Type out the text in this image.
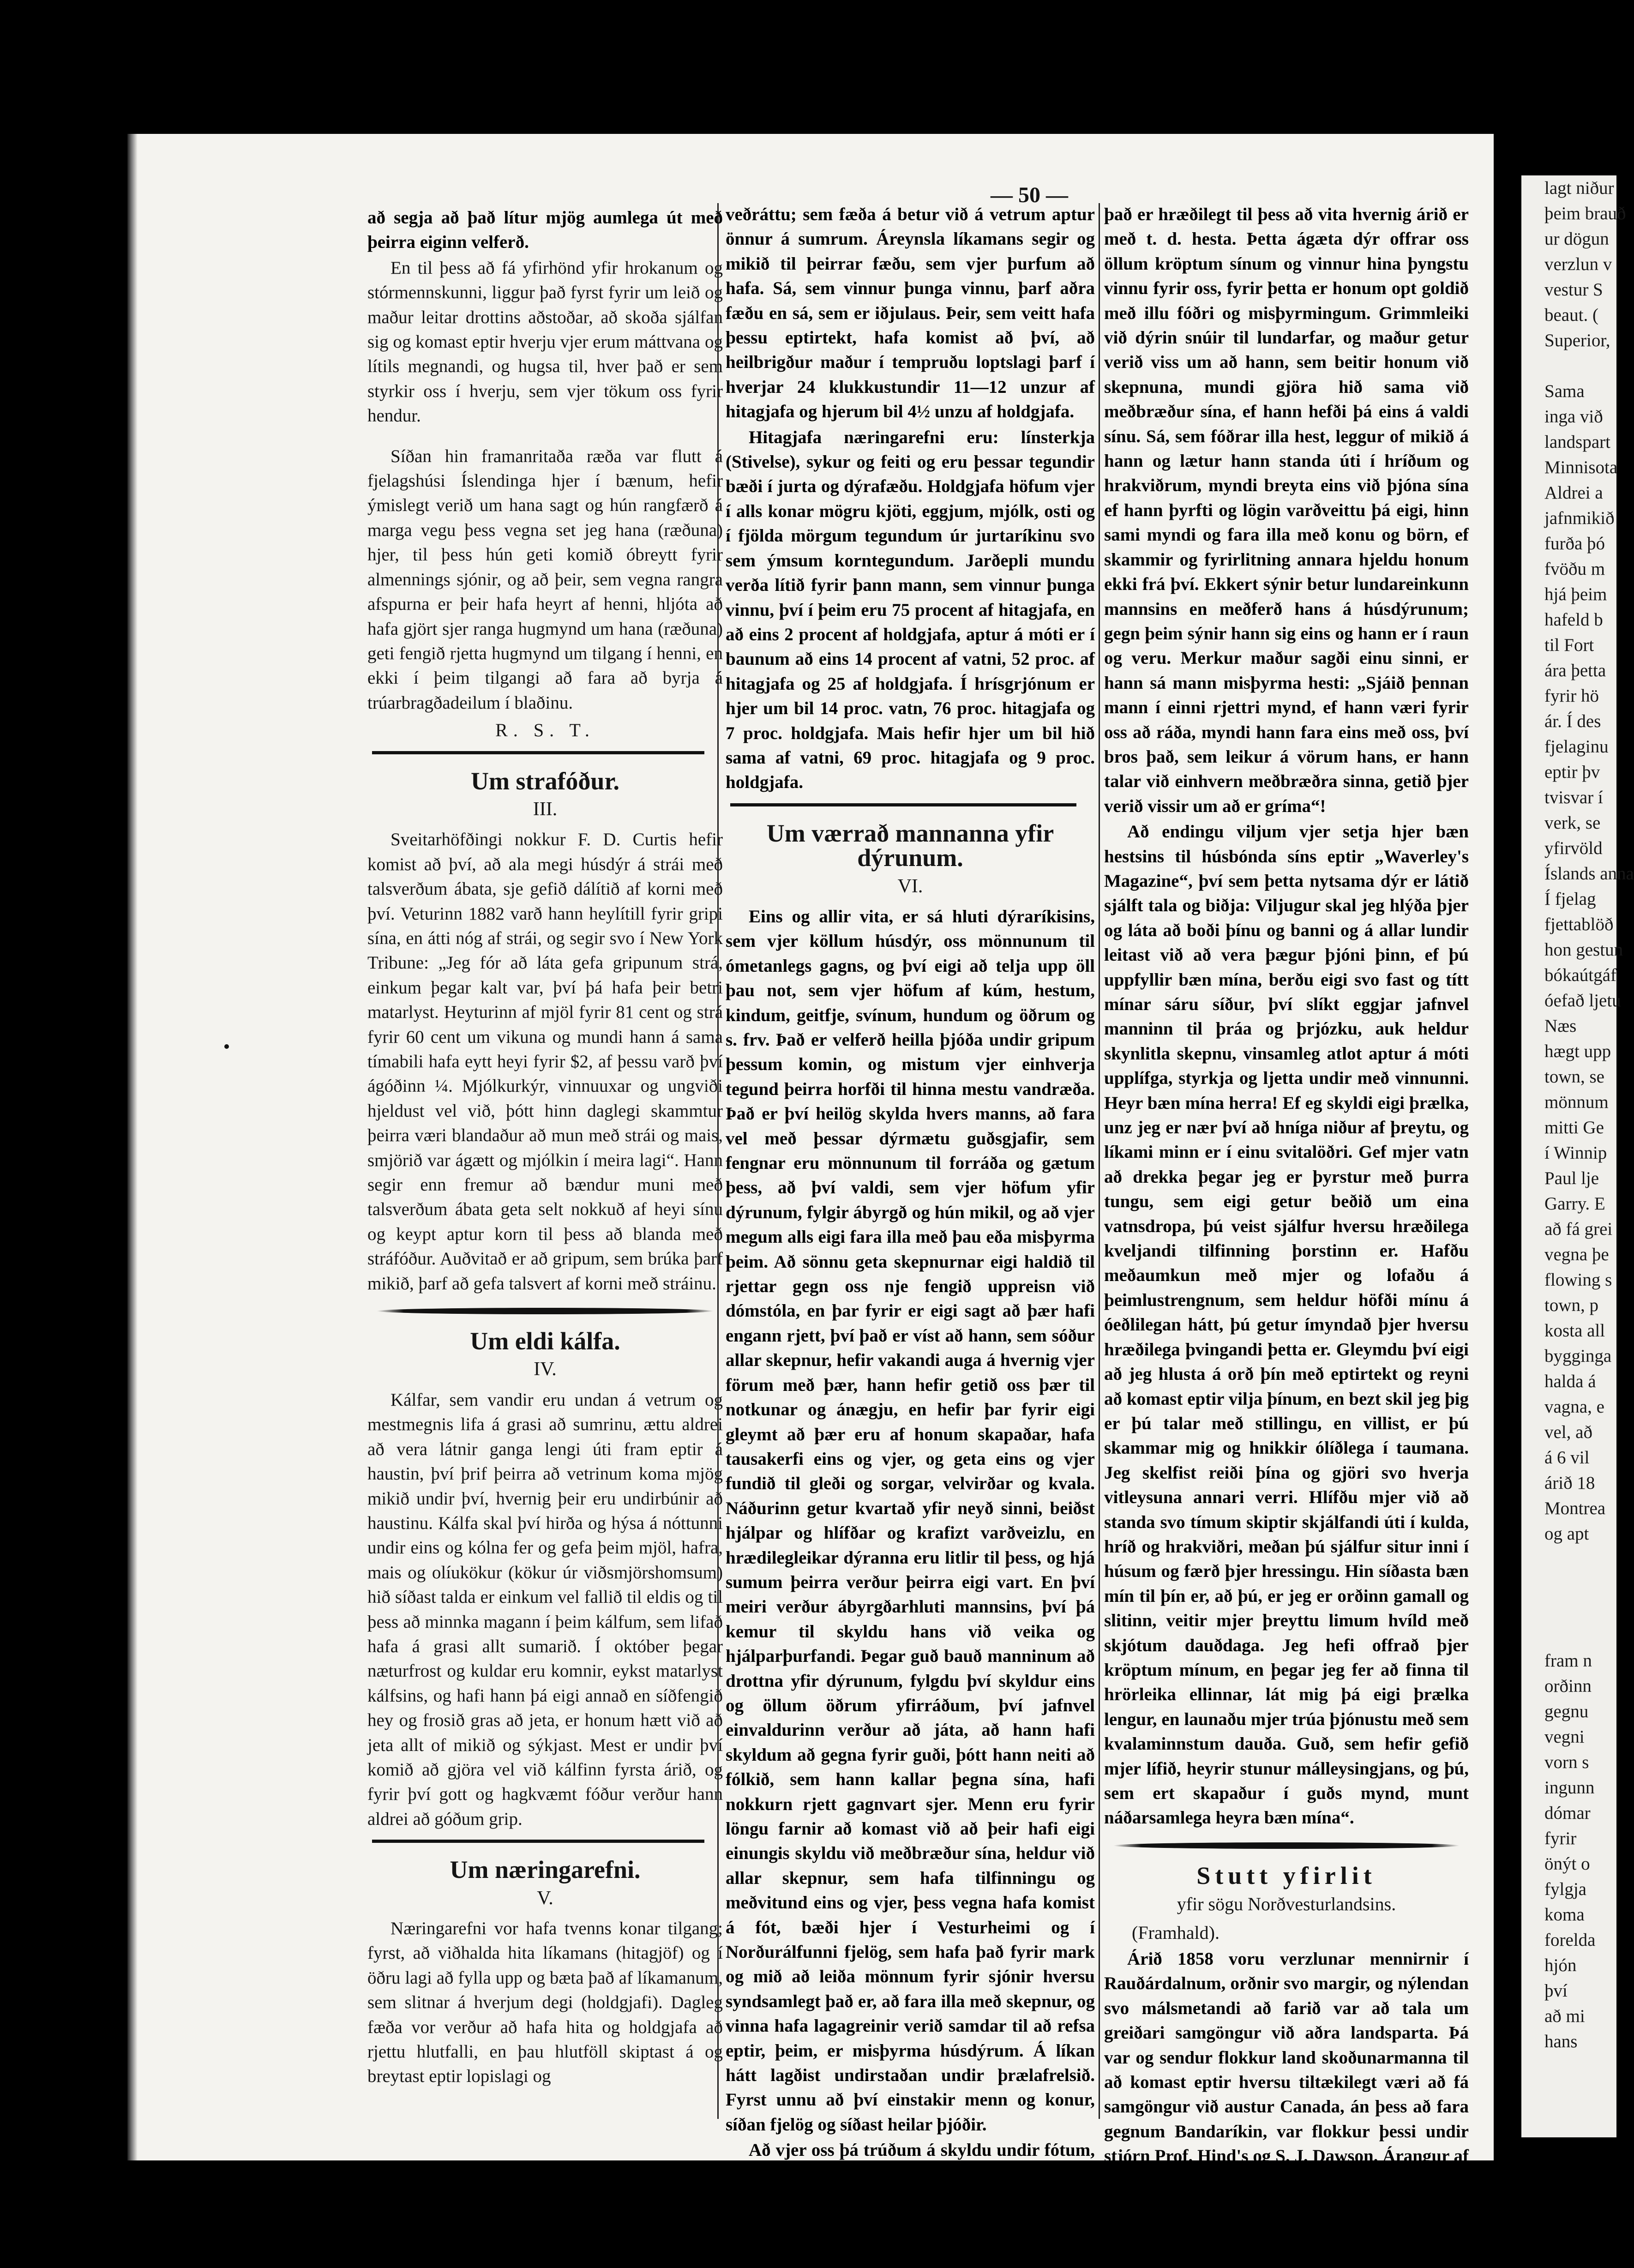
— 50 —

að segja að það lítur mjög aumlega út með þeirra eiginn velferð.

En til þess að fá yfirhönd yfir hrokanum og stórmennskunni, liggur það fyrst fyrir um leið og maður leitar drottins aðstoðar, að skoða sjálfan sig og komast eptir hverju vjer erum máttvana og lítils megnandi, og hugsa til, hver það er sem styrkir oss í hverju, sem vjer tökum oss fyrir hendur.

Síðan hin framanritaða ræða var flutt á fjelagshúsi Íslendinga hjer í bænum, hefir ýmislegt verið um hana sagt og hún rangfærð á marga vegu þess vegna set jeg hana (ræðuna) hjer, til þess hún geti komið óbreytt fyrir almennings sjónir, og að þeir, sem vegna rangra afspurna er þeir hafa heyrt af henni, hljóta að hafa gjört sjer ranga hugmynd um hana (ræðuna) geti fengið rjetta hugmynd um tilgang í henni, en ekki í þeim tilgangi að fara að byrja á trúarbragðadeilum í blaðinu.

R. S. T.
Um strafóður.
III.

Sveitarhöfðingi nokkur F. D. Curtis hefir komist að því, að ala megi húsdýr á strái með talsverðum ábata, sje gefið dálítið af korni með því. Veturinn 1882 varð hann heylítill fyrir gripi sína, en átti nóg af strái, og segir svo í New York Tribune: „Jeg fór að láta gefa gripunum strá, einkum þegar kalt var, því þá hafa þeir betri matarlyst. Heyturinn af mjöl fyrir 81 cent og strá fyrir 60 cent um vikuna og mundi hann á sama tímabili hafa eytt heyi fyrir $2, af þessu varð því ágóðinn ¼. Mjólkurkýr, vinnuuxar og ungviði hjeldust vel við, þótt hinn daglegi skammtur þeirra væri blandaður að mun með strái og mais, smjörið var ágætt og mjólkin í meira lagi“. Hann segir enn fremur að bændur muni með talsverðum ábata geta selt nokkuð af heyi sínu og keypt aptur korn til þess að blanda með stráfóður. Auðvitað er að gripum, sem brúka þarf mikið, þarf að gefa talsvert af korni með stráinu.

Um eldi kálfa.
IV.

Kálfar, sem vandir eru undan á vetrum og mestmegnis lifa á grasi að sumrinu, ættu aldrei að vera látnir ganga lengi úti fram eptir á haustin, því þrif þeirra að vetrinum koma mjög mikið undir því, hvernig þeir eru undirbúnir að haustinu. Kálfa skal því hirða og hýsa á nóttunni undir eins og kólna fer og gefa þeim mjöl, hafra, mais og olíukökur (kökur úr viðsmjörshomsum) hið síðast talda er einkum vel fallið til eldis og til þess að minnka magann í þeim kálfum, sem lifað hafa á grasi allt sumarið. Í október þegar næturfrost og kuldar eru komnir, eykst matarlyst kálfsins, og hafi hann þá eigi annað en síðfengið hey og frosið gras að jeta, er honum hætt við að jeta allt of mikið og sýkjast. Mest er undir því komið að gjöra vel við kálfinn fyrsta árið, og fyrir því gott og hagkvæmt fóður verður hann aldrei að góðum grip.

Um næringarefni.
V.

Næringarefni vor hafa tvenns konar tilgang; fyrst, að viðhalda hita líkamans (hitagjöf) og í öðru lagi að fylla upp og bæta það af líkamanum, sem slitnar á hverjum degi (holdgjafi). Dagleg fæða vor verður að hafa hita og holdgjafa að rjettu hlutfalli, en þau hlutföll skiptast á og breytast eptir lopislagi og

veðráttu; sem fæða á betur við á vetrum aptur önnur á sumrum. Áreynsla líkamans segir og mikið til þeirrar fæðu, sem vjer þurfum að hafa. Sá, sem vinnur þunga vinnu, þarf aðra fæðu en sá, sem er iðjulaus. Þeir, sem veitt hafa þessu eptirtekt, hafa komist að því, að heilbrigður maður í tempruðu loptslagi þarf í hverjar 24 klukkustundir 11—12 unzur af hitagjafa og hjerum bil 4½ unzu af holdgjafa.

Hitagjafa næringarefni eru: línsterkja (Stivelse), sykur og feiti og eru þessar tegundir bæði í jurta og dýrafæðu. Holdgjafa höfum vjer í alls konar mögru kjöti, eggjum, mjólk, osti og í fjölda mörgum tegundum úr jurtaríkinu svo sem ýmsum korntegundum. Jarðepli mundu verða lítið fyrir þann mann, sem vinnur þunga vinnu, því í þeim eru 75 procent af hitagjafa, en að eins 2 procent af holdgjafa, aptur á móti er í baunum að eins 14 procent af vatni, 52 proc. af hitagjafa og 25 af holdgjafa. Í hrísgrjónum er hjer um bil 14 proc. vatn, 76 proc. hitagjafa og 7 proc. holdgjafa. Mais hefir hjer um bil hið sama af vatni, 69 proc. hitagjafa og 9 proc. holdgjafa.

Um værrað mannanna yfir dýrunum.
VI.

Eins og allir vita, er sá hluti dýraríkisins, sem vjer köllum húsdýr, oss mönnunum til ómetanlegs gagns, og því eigi að telja upp öll þau not, sem vjer höfum af kúm, hestum, kindum, geitfje, svínum, hundum og öðrum og s. frv. Það er velferð heilla þjóða undir gripum þessum komin, og mistum vjer einhverja tegund þeirra horfði til hinna mestu vandræða. Það er því heilög skylda hvers manns, að fara vel með þessar dýrmætu guðsgjafir, sem fengnar eru mönnunum til forráða og gætum þess, að því valdi, sem vjer höfum yfir dýrunum, fylgir ábyrgð og hún mikil, og að vjer megum alls eigi fara illa með þau eða misþyrma þeim. Að sönnu geta skepnurnar eigi haldið til rjettar gegn oss nje fengið uppreisn við dómstóla, en þar fyrir er eigi sagt að þær hafi engann rjett, því það er víst að hann, sem sóður allar skepnur, hefir vakandi auga á hvernig vjer förum með þær, hann hefir getið oss þær til notkunar og ánægju, en hefir þar fyrir eigi gleymt að þær eru af honum skapaðar, hafa tausakerfi eins og vjer, og geta eins og vjer fundið til gleði og sorgar, velvirðar og kvala. Náðurinn getur kvartað yfir neyð sinni, beiðst hjálpar og hlífðar og krafizt varðveizlu, en hrædilegleikar dýranna eru litlir til þess, og hjá sumum þeirra verður þeirra eigi vart. En því meiri verður ábyrgðarhluti mannsins, því þá kemur til skyldu hans við veika og hjálparþurfandi. Þegar guð bauð manninum að drottna yfir dýrunum, fylgdu því skyldur eins og öllum öðrum yfirráðum, því jafnvel einvaldurinn verður að játa, að hann hafi skyldum að gegna fyrir guði, þótt hann neiti að fólkið, sem hann kallar þegna sína, hafi nokkurn rjett gagnvart sjer. Menn eru fyrir löngu farnir að komast við að þeir hafi eigi einungis skyldu við meðbræður sína, heldur við allar skepnur, sem hafa tilfinningu og meðvitund eins og vjer, þess vegna hafa komist á fót, bæði hjer í Vesturheimi og í Norðurálfunni fjelög, sem hafa það fyrir mark og mið að leiða mönnum fyrir sjónir hversu syndsamlegt það er, að fara illa með skepnur, og vinna hafa lagagreinir verið samdar til að refsa eptir, þeim, er misþyrma húsdýrum. Á líkan hátt lagðist undirstaðan undir þrælafrelsið. Fyrst unnu að því einstakir menn og konur, síðan fjelög og síðast heilar þjóðir.

Að vjer oss þá trúðum á skyldu undir fótum, að fara vel og miskunsamlega með skepnurnar, á sjer því miður víða stað og

það er hræðilegt til þess að vita hvernig árið er með t. d. hesta. Þetta ágæta dýr offrar oss öllum kröptum sínum og vinnur hina þyngstu vinnu fyrir oss, fyrir þetta er honum opt goldið með illu fóðri og misþyrmingum. Grimmleiki við dýrin snúir til lundarfar, og maður getur verið viss um að hann, sem beitir honum við skepnuna, mundi gjöra hið sama við meðbræður sína, ef hann hefði þá eins á valdi sínu. Sá, sem fóðrar illa hest, leggur of mikið á hann og lætur hann standa úti í hríðum og hrakviðrum, myndi breyta eins við þjóna sína ef hann þyrfti og lögin varðveittu þá eigi, hinn sami myndi og fara illa með konu og börn, ef skammir og fyrirlitning annara hjeldu honum ekki frá því. Ekkert sýnir betur lundareinkunn mannsins en meðferð hans á húsdýrunum; gegn þeim sýnir hann sig eins og hann er í raun og veru. Merkur maður sagði einu sinni, er hann sá mann misþyrma hesti: „Sjáið þennan mann í einni rjettri mynd, ef hann væri fyrir oss að ráða, myndi hann fara eins með oss, því bros það, sem leikur á vörum hans, er hann talar við einhvern meðbræðra sinna, getið þjer verið vissir um að er gríma“!

Að endingu viljum vjer setja hjer bæn hestsins til húsbónda síns eptir „Waverley's Magazine“, því sem þetta nytsama dýr er látið sjálft tala og biðja: Viljugur skal jeg hlýða þjer og láta að boði þínu og banni og á allar lundir leitast við að vera þægur þjóni þinn, ef þú uppfyllir bæn mína, berðu eigi svo fast og títt mínar sáru síður, því slíkt eggjar jafnvel manninn til þráa og þrjózku, auk heldur skynlitla skepnu, vinsamleg atlot aptur á móti upplífga, styrkja og ljetta undir með vinnunni. Heyr bæn mína herra! Ef eg skyldi eigi þrælka, unz jeg er nær því að hníga niður af þreytu, og líkami minn er í einu svitalöðri. Gef mjer vatn að drekka þegar jeg er þyrstur með þurra tungu, sem eigi getur beðið um eina vatnsdropa, þú veist sjálfur hversu hræðilega kveljandi tilfinning þorstinn er. Hafðu meðaumkun með mjer og lofaðu á þeimlustrengnum, sem heldur höfði mínu á óeðlilegan hátt, þú getur ímyndað þjer hversu hræðilega þvingandi þetta er. Gleymdu því eigi að jeg hlusta á orð þín með eptirtekt og reyni að komast eptir vilja þínum, en bezt skil jeg þig er þú talar með stillingu, en villist, er þú skammar mig og hnikkir ólíðlega í taumana. Jeg skelfist reiði þína og gjöri svo hverja vitleysuna annari verri. Hlífðu mjer við að standa svo tímum skiptir skjálfandi úti í kulda, hríð og hrakviðri, meðan þú sjálfur situr inni í húsum og færð þjer hressingu. Hin síðasta bæn mín til þín er, að þú, er jeg er orðinn gamall og slitinn, veitir mjer þreyttu limum hvíld með skjótum dauðdaga. Jeg hefi offrað þjer kröptum mínum, en þegar jeg fer að finna til hrörleika ellinnar, lát mig þá eigi þrælka lengur, en launaðu mjer trúa þjónustu með sem kvalaminnstum dauða. Guð, sem hefir gefið mjer lífið, heyrir stunur málleysingjans, og þú, sem ert skapaður í guðs mynd, munt náðarsamlega heyra bæn mína“.

Stutt yfirlit
yfir sögu Norðvesturlandsins.
(Framhald).

Árið 1858 voru verzlunar mennirnir í Rauðárdalnum, orðnir svo margir, og nýlendan svo málsmetandi að farið var að tala um greiðari samgöngur við aðra landsparta. Þá var og sendur flokkur land skoðunarmanna til að komast eptir hversu tiltækilegt væri að fá samgöngur við austur Canada, án þess að fara gegnum Bandaríkin, var flokkur þessi undir stjórn Prof. Hind's og S. J. Dawson. Árangur af skoðunum þessum varð sá, að vegalengdin milli Rauðár og Lake Superior (Efra vatns) var álitin að vera um 500 mílur, þar af var landleið, einungis

lagt niður

þeim brauð

ur dögun

verzlun v

vestur S

beaut. (

Superior,

Sama

inga við

landspart

Minnisota

Aldrei a

jafnmikið

furða þó

fvöðu m

hjá þeim

hafeld b

til Fort

ára þetta

fyrir hö

ár. Í des

fjelaginu

eptir þv

tvisvar í

verk, se

yfirvöld

Íslands anna

Í fjelag

fjettablöð

hon gestun

bókaútgáf

óefað ljetu

Næs

hægt upp

town, se

mönnum

mitti Ge

í Winnip

Paul lje

Garry. E

að fá grei

vegna þe

flowing s

town, p

kosta all

bygginga

halda á

vagna, e

vel, að

á 6 vil

árið 18

Montrea

og apt

fram n

orðinn

gegnu

vegni

vorn s

ingunn

dómar

fyrir

önýt o

fylgja

koma

forelda

hjón

því

að mi

hans
